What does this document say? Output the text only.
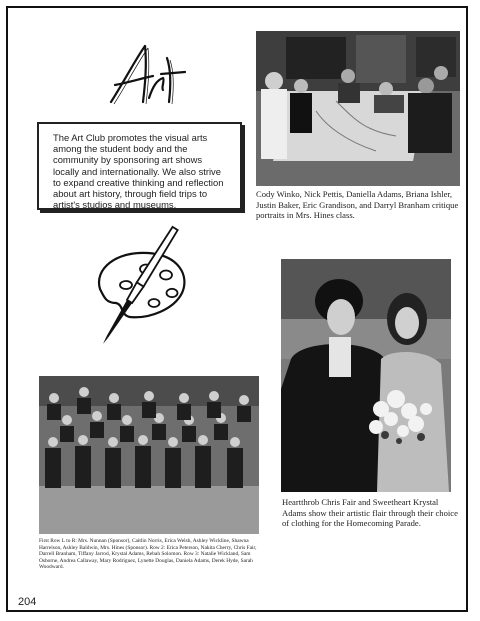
The Art Club promotes the visual arts among the student body and the community by sponsoring art shows locally and internationally. We also strive to expand creative thinking and reflection about art history, through field trips to artist's studios and museums.

Cody Winko, Nick Pettis, Daniella Adams, Briana Ishler, Justin Baker, Eric Grandison, and Darryl Branham critique portraits in Mrs. Hines class.
Heartthrob Chris Fair and Sweetheart Krystal Adams show their artistic flair through their choice of clothing for the Homecoming Parade.
First Row L to R: Mrs. Nunnan (Sponsor), Caitlin Norris, Erica Welsh, Ashley Wickline, Shawna Harrelson, Ashley Baldwin, Mrs. Hines (Sponsor). Row 2: Erica Peterson, Nakita Cherry, Chris Fair, Darrell Branham, Tiffany Jarrod, Krystal Adams, Rebah Solomon. Row 3: Natalie Wickland, Sam Osborne, Andrea Callaway, Mary Rodriguez, Lynette Douglas, Daniela Adams, Derek Hyde, Sarah Woodward.
204
